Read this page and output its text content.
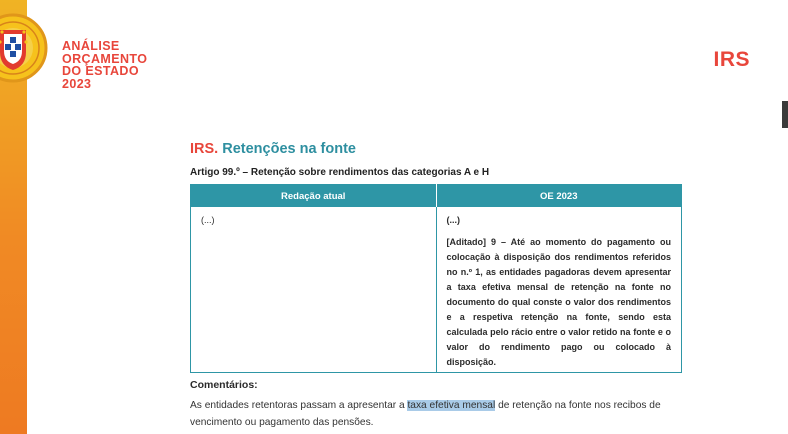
ANÁLISE
ORÇAMENTO
DO ESTADO
2023
IRS
IRS. Retenções na fonte
Artigo 99.º – Retenção sobre rendimentos das categorias A e H
Redação atual	OE 2023
(...)	(...)

[Aditado] 9 – Até ao momento do pagamento ou colocação à disposição dos rendimentos referidos no n.º 1, as entidades pagadoras devem apresentar a taxa efetiva mensal de retenção na fonte no documento do qual conste o valor dos rendimentos e a respetiva retenção na fonte, sendo esta calculada pelo rácio entre o valor retido na fonte e o valor do rendimento pago ou colocado à disposição.

Comentários:
As entidades retentoras passam a apresentar a taxa efetiva mensal de retenção na fonte nos recibos de vencimento ou pagamento das pensões.
